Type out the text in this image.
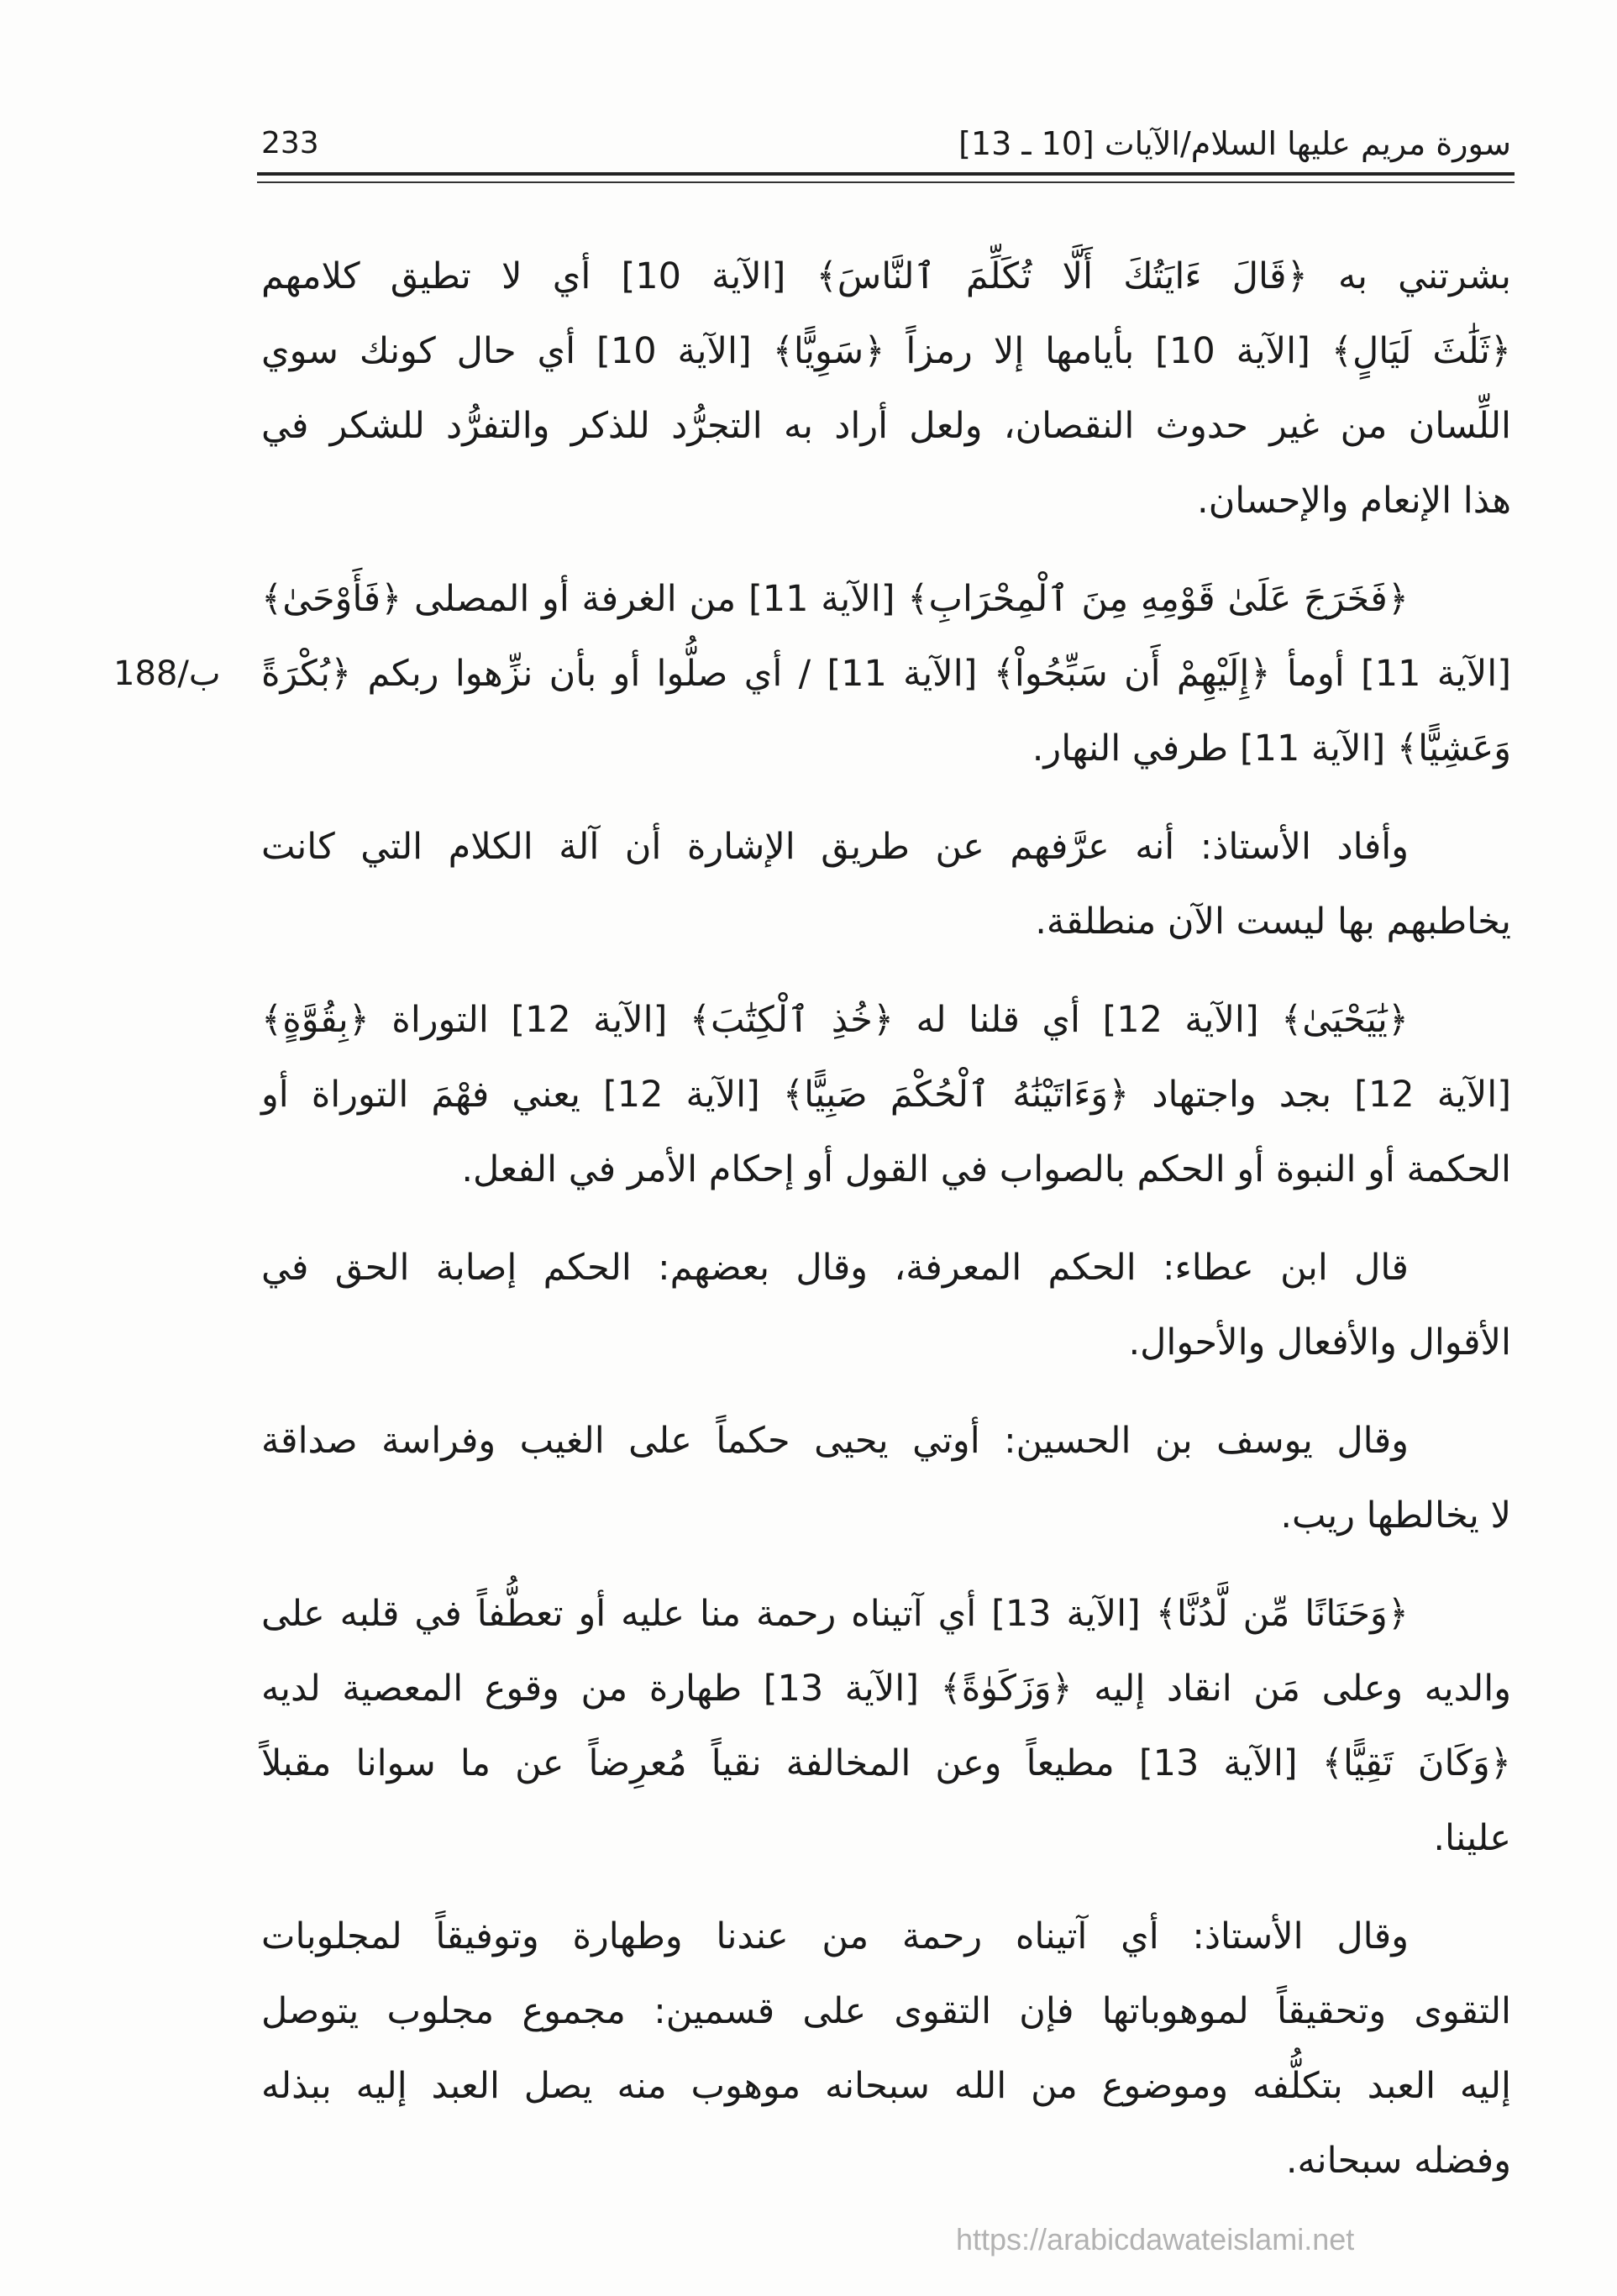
سورة مريم عليها السلام/الآيات [10 ـ 13]
233
188/ب
بشرتني به ﴿قَالَ ءَايَتُكَ أَلَّا تُكَلِّمَ ٱلنَّاسَ﴾ [الآية 10] أي لا تطيق كلامهم
﴿ثَلَٰثَ لَيَالٍ﴾ [الآية 10] بأيامها إلا رمزاً ﴿سَوِيًّا﴾ [الآية 10] أي حال كونك سوي
اللِّسان من غير حدوث النقصان، ولعل أراد به التجرُّد للذكر والتفرُّد للشكر في
هذا الإنعام والإحسان.
﴿فَخَرَجَ عَلَىٰ قَوْمِهِ مِنَ ٱلْمِحْرَابِ﴾ [الآية 11] من الغرفة أو المصلى ﴿فَأَوْحَىٰ﴾
[الآية 11] أومأ ﴿إِلَيْهِمْ أَن سَبِّحُواْ﴾ [الآية 11] / أي صلُّوا أو بأن نزِّهوا ربكم ﴿بُكْرَةً
وَعَشِيًّا﴾ [الآية 11] طرفي النهار.
وأفاد الأستاذ: أنه عرَّفهم عن طريق الإشارة أن آلة الكلام التي كانت
يخاطبهم بها ليست الآن منطلقة.
﴿يَٰيَحْيَىٰ﴾ [الآية 12] أي قلنا له ﴿خُذِ ٱلْكِتَٰبَ﴾ [الآية 12] التوراة ﴿بِقُوَّةٍ﴾
[الآية 12] بجد واجتهاد ﴿وَءَاتَيْنَٰهُ ٱلْحُكْمَ صَبِيًّا﴾ [الآية 12] يعني فهْمَ التوراة أو
الحكمة أو النبوة أو الحكم بالصواب في القول أو إحكام الأمر في الفعل.
قال ابن عطاء: الحكم المعرفة، وقال بعضهم: الحكم إصابة الحق في
الأقوال والأفعال والأحوال.
وقال يوسف بن الحسين: أوتي يحيى حكماً على الغيب وفراسة صداقة
لا يخالطها ريب.
﴿وَحَنَانًا مِّن لَّدُنَّا﴾ [الآية 13] أي آتيناه رحمة منا عليه أو تعطُّفاً في قلبه على
والديه وعلى مَن انقاد إليه ﴿وَزَكَوٰةً﴾ [الآية 13] طهارة من وقوع المعصية لديه
﴿وَكَانَ تَقِيًّا﴾ [الآية 13] مطيعاً وعن المخالفة نقياً مُعرِضاً عن ما سوانا مقبلاً
علينا.
وقال الأستاذ: أي آتيناه رحمة من عندنا وطهارة وتوفيقاً لمجلوبات
التقوى وتحقيقاً لموهوباتها فإن التقوى على قسمين: مجموع مجلوب يتوصل
إليه العبد بتكلُّفه وموضوع من الله سبحانه موهوب منه يصل العبد إليه ببذله
وفضله سبحانه.
https://arabicdawateislami.net
